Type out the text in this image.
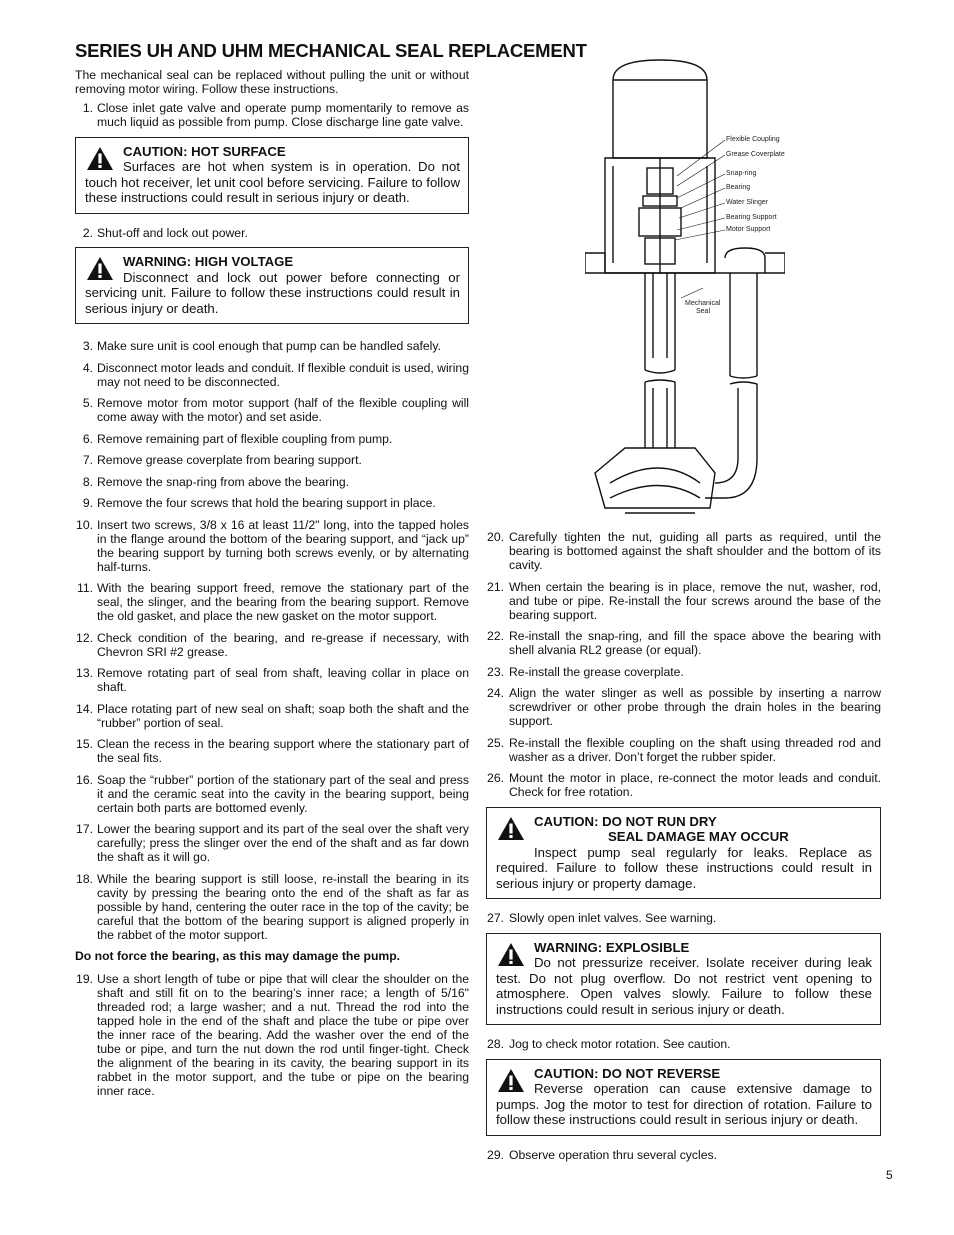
SERIES UH AND UHM MECHANICAL SEAL REPLACEMENT

The mechanical seal can be replaced without pulling the unit or without removing motor wiring. Follow these instructions.

1. Close inlet gate valve and operate pump momentarily to remove as much liquid as possible from pump. Close discharge line gate valve.
CAUTION: HOT SURFACE
Surfaces are hot when system is in operation. Do not touch hot receiver, let unit cool before servicing. Failure to follow these instructions could result in serious injury or death.
2. Shut-off and lock out power.
WARNING: HIGH VOLTAGE
Disconnect and lock out power before connecting or servicing unit. Failure to follow these instructions could result in serious injury or death.
3. Make sure unit is cool enough that pump can be handled safely.
4. Disconnect motor leads and conduit. If flexible conduit is used, wiring may not need to be disconnected.
5. Remove motor from motor support (half of the flexible coupling will come away with the motor) and set aside.
6. Remove remaining part of flexible coupling from pump.
7. Remove grease coverplate from bearing support.
8. Remove the snap-ring from above the bearing.
9. Remove the four screws that hold the bearing support in place.
10. Insert two screws, 3/8 x 16 at least 11/2" long, into the tapped holes in the flange around the bottom of the bearing support, and “jack up” the bearing support by turning both screws evenly, or by alternating half-turns.
11. With the bearing support freed, remove the stationary part of the seal, the slinger, and the bearing from the bearing support. Remove the old gasket, and place the new gasket on the motor support.
12. Check condition of the bearing, and re-grease if necessary, with Chevron SRI #2 grease.
13. Remove rotating part of seal from shaft, leaving collar in place on shaft.
14. Place rotating part of new seal on shaft; soap both the shaft and the “rubber” portion of seal.
15. Clean the recess in the bearing support where the stationary part of the seal fits.
16. Soap the “rubber” portion of the stationary part of the seal and press it and the ceramic seat into the cavity in the bearing support, being certain both parts are bottomed evenly.
17. Lower the bearing support and its part of the seal over the shaft very carefully; press the slinger over the end of the shaft and as far down the shaft as it will go.
18. While the bearing support is still loose, re-install the bearing in its cavity by pressing the bearing onto the end of the shaft as far as possible by hand, centering the outer race in the top of the cavity; be careful that the bottom of the bearing support is aligned properly in the rabbet of the motor support.

Do not force the bearing, as this may damage the pump.

19. Use a short length of tube or pipe that will clear the shoulder on the shaft and still fit on to the bearing’s inner race; a length of 5/16" threaded rod; a large washer; and a nut. Thread the rod into the tapped hole in the end of the shaft and place the tube or pipe over the inner race of the bearing. Add the washer over the end of the tube or pipe, and turn the nut down the rod until finger-tight. Check the alignment of the bearing in its cavity, the bearing support in its rabbet in the motor support, and the tube or pipe on the bearing inner race.
Flexible Coupling
Grease Coverplate
Snap-ring
Bearing
Water Slinger
Bearing Support
Motor Support
Mechanical
Seal
20. Carefully tighten the nut, guiding all parts as required, until the bearing is bottomed against the shaft shoulder and the bottom of its cavity.
21. When certain the bearing is in place, remove the nut, washer, rod, and tube or pipe. Re-install the four screws around the base of the bearing support.
22. Re-install the snap-ring, and fill the space above the bearing with shell alvania RL2 grease (or equal).
23. Re-install the grease coverplate.
24. Align the water slinger as well as possible by inserting a narrow screwdriver or other probe through the drain holes in the bearing support.
25. Re-install the flexible coupling on the shaft using threaded rod and washer as a driver. Don’t forget the rubber spider.
26. Mount the motor in place, re-connect the motor leads and conduit. Check for free rotation.
CAUTION: DO NOT RUN DRY
SEAL DAMAGE MAY OCCUR
Inspect pump seal regularly for leaks. Replace as required. Failure to follow these instructions could result in serious injury or property damage.
27. Slowly open inlet valves. See warning.
WARNING: EXPLOSIBLE
Do not pressurize receiver. Isolate receiver during leak test. Do not plug overflow. Do not restrict vent opening to atmosphere. Open valves slowly. Failure to follow these instructions could result in serious injury or death.
28. Jog to check motor rotation. See caution.
CAUTION: DO NOT REVERSE
Reverse operation can cause extensive damage to pumps. Jog the motor to test for direction of rotation. Failure to follow these instructions could result in serious injury or death.
29. Observe operation thru several cycles.
5
